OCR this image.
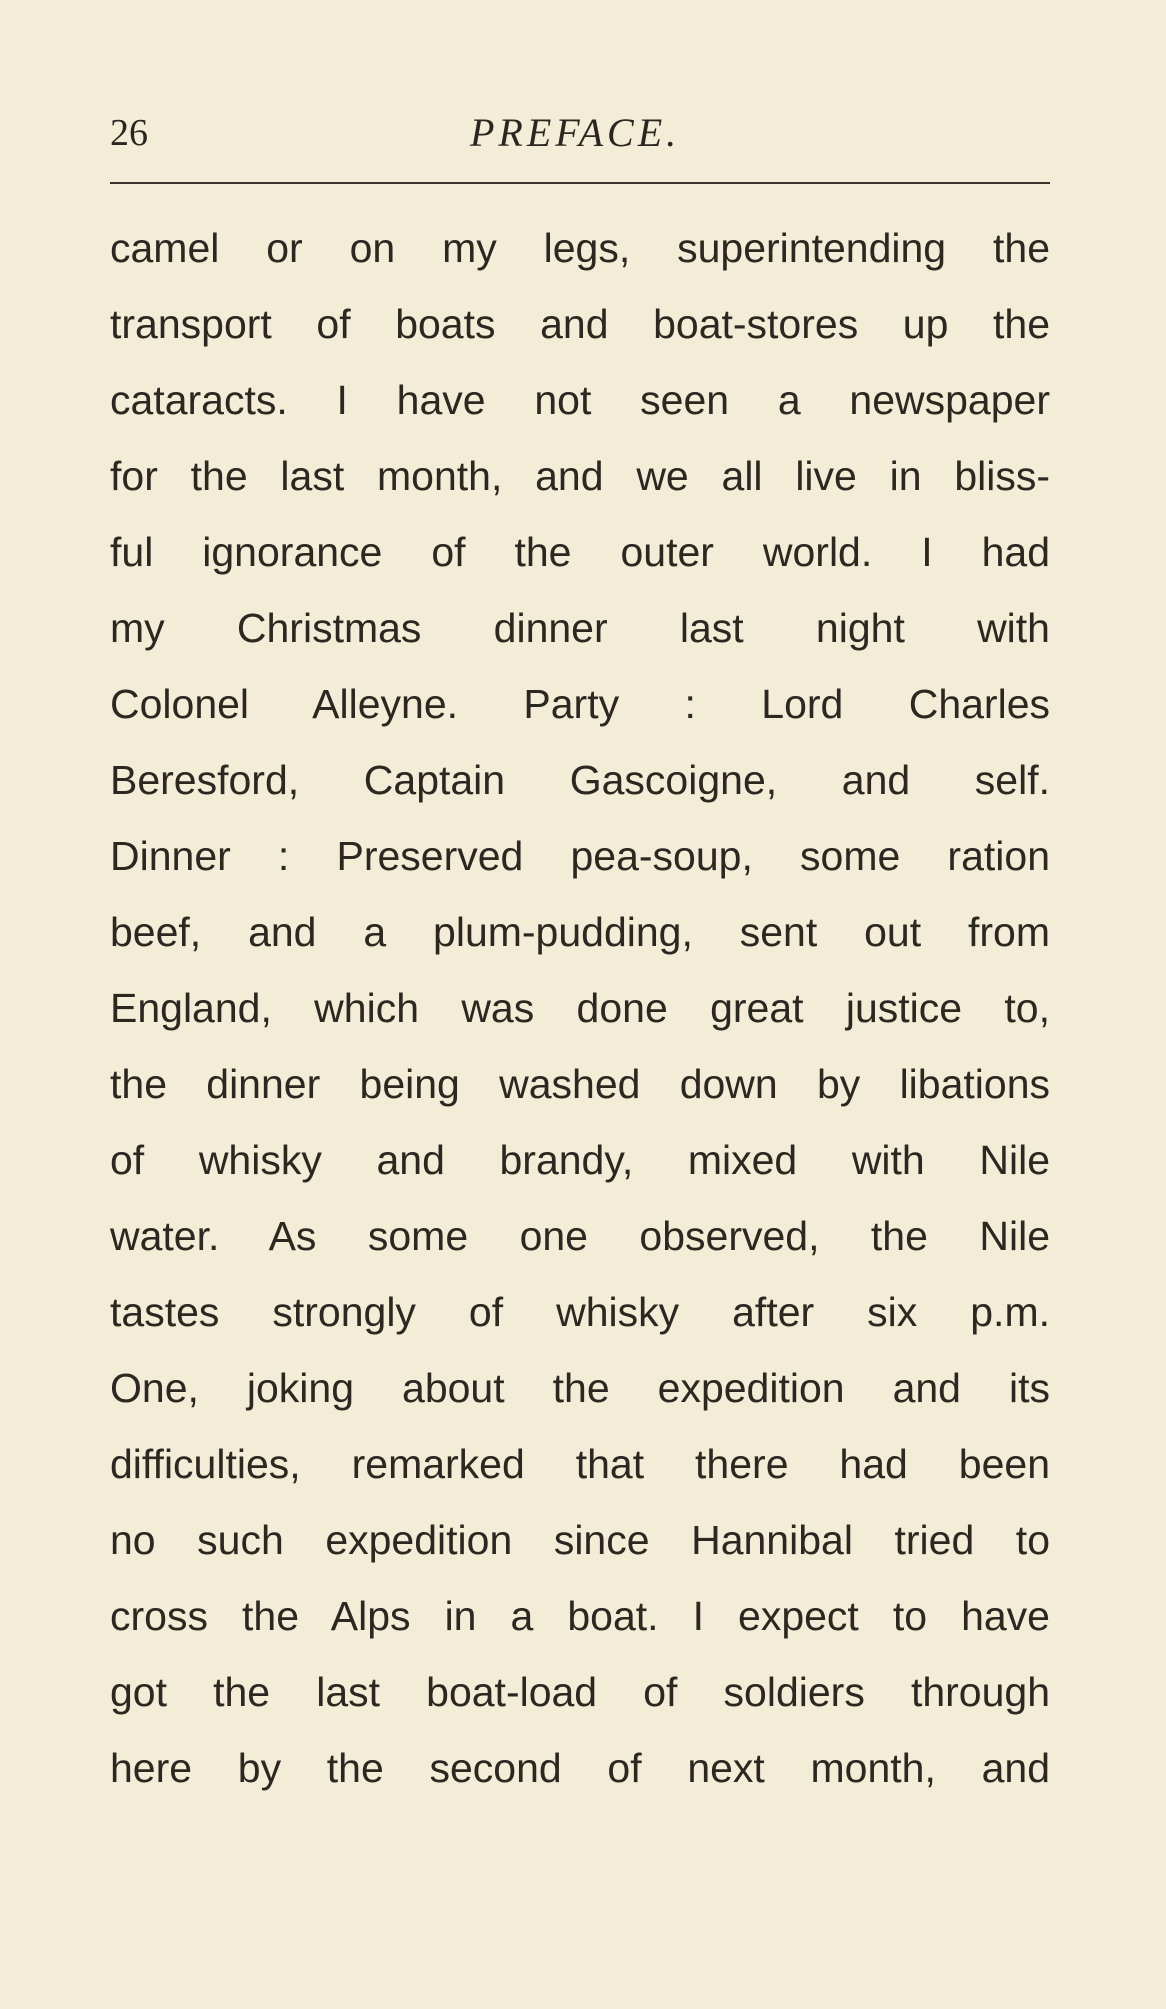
26	PREFACE.
camel or on my legs, superintending the
transport of boats and boat-stores up the
cataracts. I have not seen a newspaper
for the last month, and we all live in bliss-
ful ignorance of the outer world. I had
my Christmas dinner last night with
Colonel Alleyne. Party : Lord Charles
Beresford, Captain Gascoigne, and self.
Dinner : Preserved pea-soup, some ration
beef, and a plum-pudding, sent out from
England, which was done great justice to,
the dinner being washed down by libations
of whisky and brandy, mixed with Nile
water. As some one observed, the Nile
tastes strongly of whisky after six p.m.
One, joking about the expedition and its
difficulties, remarked that there had been
no such expedition since Hannibal tried to
cross the Alps in a boat. I expect to have
got the last boat-load of soldiers through
here by the second of next month, and
